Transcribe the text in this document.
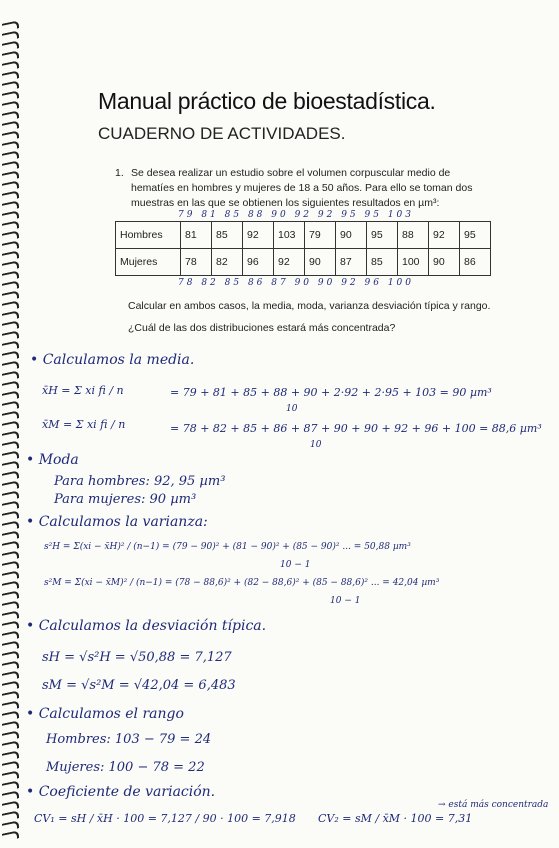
Manual práctico de bioestadística.
CUADERNO DE ACTIVIDADES.
1. Se desea realizar un estudio sobre el volumen corpuscular medio de hematíes en hombres y mujeres de 18 a 50 años. Para ello se toman dos muestras en las que se obtienen los siguientes resultados en µm³:
79 81 85 88 90 92 92 95 95 103
Hombres	81	85	92	103	79	90	95	88	92	95
Mujeres	78	82	96	92	90	87	85	100	90	86
78 82 85 86 87 90 90 92 96 100
Calcular en ambos casos, la media, moda, varianza desviación típica y rango.
¿Cuál de las dos distribuciones estará más concentrada?
• Calculamos la media.
x̄H = Σ xi fi / n	= 79 + 81 + 85 + 88 + 90 + 2·92 + 2·95 + 103 = 90 µm³
10
x̄M = Σ xi fi / n	= 78 + 82 + 85 + 86 + 87 + 90 + 90 + 92 + 96 + 100 = 88,6 µm³
10
• Moda
Para hombres: 92, 95 µm³
Para mujeres: 90 µm³
• Calculamos la varianza:
s²H = Σ(xi − x̄H)² / (n−1) = (79 − 90)² + (81 − 90)² + (85 − 90)² ... = 50,88 µm³
10 − 1
s²M = Σ(xi − x̄M)² / (n−1) = (78 − 88,6)² + (82 − 88,6)² + (85 − 88,6)² ... = 42,04 µm³
10 − 1
• Calculamos la desviación típica.
sH = √s²H = √50,88 = 7,127
sM = √s²M = √42,04 = 6,483
• Calculamos el rango
Hombres: 103 − 79 = 24
Mujeres: 100 − 78 = 22
• Coeficiente de variación.
CV₁ = sH / x̄H · 100 = 7,127 / 90 · 100 = 7,918 CV₂ = sM / x̄M · 100 = 7,31
→ está más concentrada
